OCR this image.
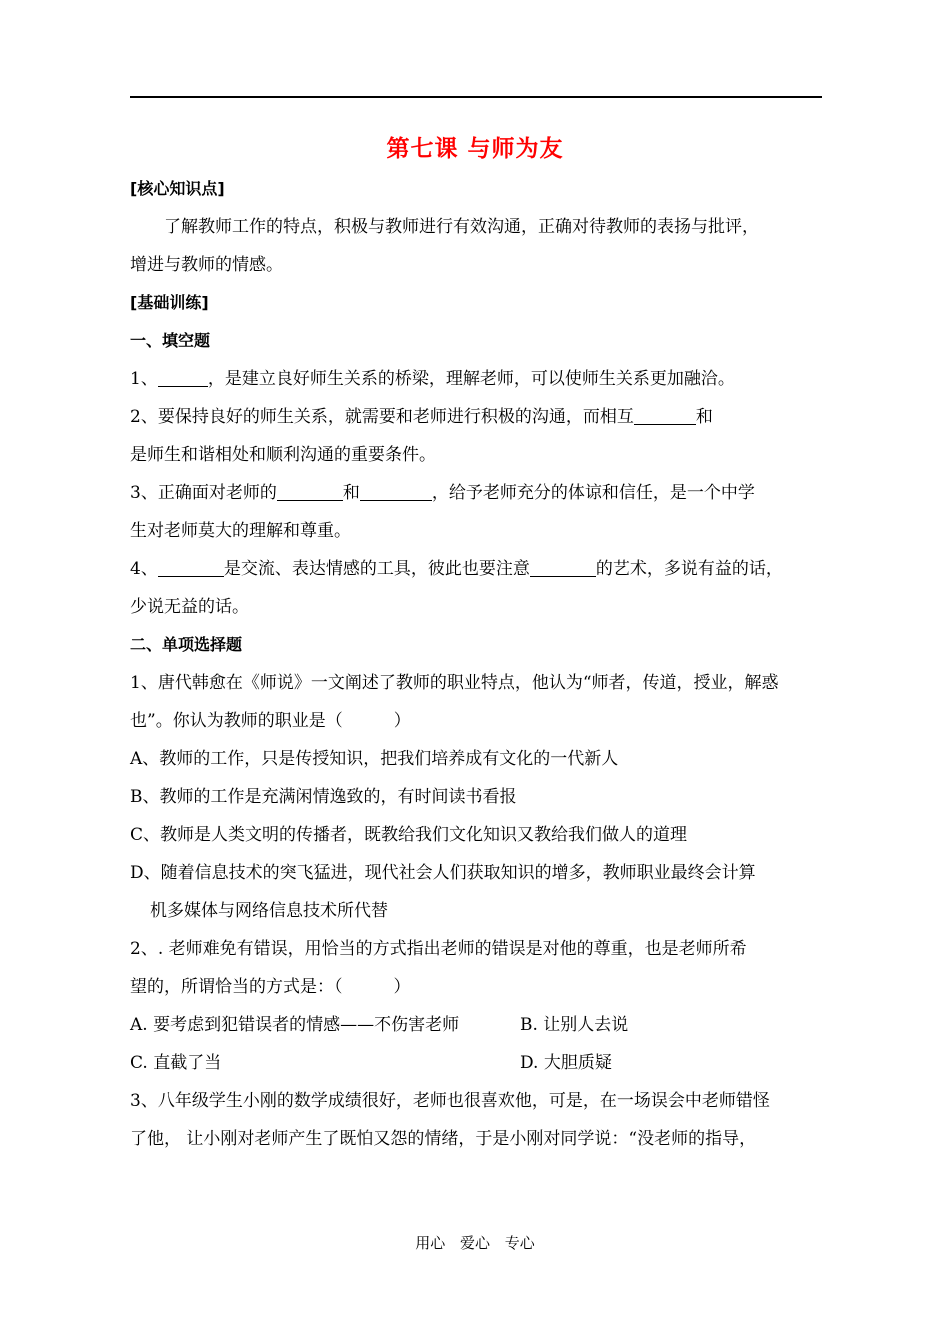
第七课 与师为友
[核心知识点]
了解教师工作的特点，积极与教师进行有效沟通，正确对待教师的表扬与批评，
增进与教师的情感。
[基础训练]
一、填空题
1、	，是建立良好师生关系的桥梁，理解老师，可以使师生关系更加融洽。
2、要保持良好的师生关系，就需要和老师进行积极的沟通，而相互	和
是师生和谐相处和顺利沟通的重要条件。
3、正确面对老师的	和	，给予老师充分的体谅和信任，是一个中学
生对老师莫大的理解和尊重。
4、	是交流、表达情感的工具，彼此也要注意	的艺术，多说有益的话，
少说无益的话。
二、单项选择题
1、唐代韩愈在《师说》一文阐述了教师的职业特点，他认为“师者，传道，授业，解惑
也”。你认为教师的职业是（　　　）
A、教师的工作，只是传授知识，把我们培养成有文化的一代新人
B、教师的工作是充满闲情逸致的，有时间读书看报
C、教师是人类文明的传播者，既教给我们文化知识又教给我们做人的道理
D、随着信息技术的突飞猛进，现代社会人们获取知识的增多，教师职业最终会计算
机多媒体与网络信息技术所代替
2、. 老师难免有错误，用恰当的方式指出老师的错误是对他的尊重，也是老师所希
望的，所谓恰当的方式是：（　　　）
A. 要考虑到犯错误者的情感——不伤害老师	B. 让别人去说
C. 直截了当	D. 大胆质疑
3、八年级学生小刚的数学成绩很好，老师也很喜欢他，可是，在一场误会中老师错怪
了他， 让小刚对老师产生了既怕又怨的情绪，于是小刚对同学说：“没老师的指导，
用心 爱心 专心
